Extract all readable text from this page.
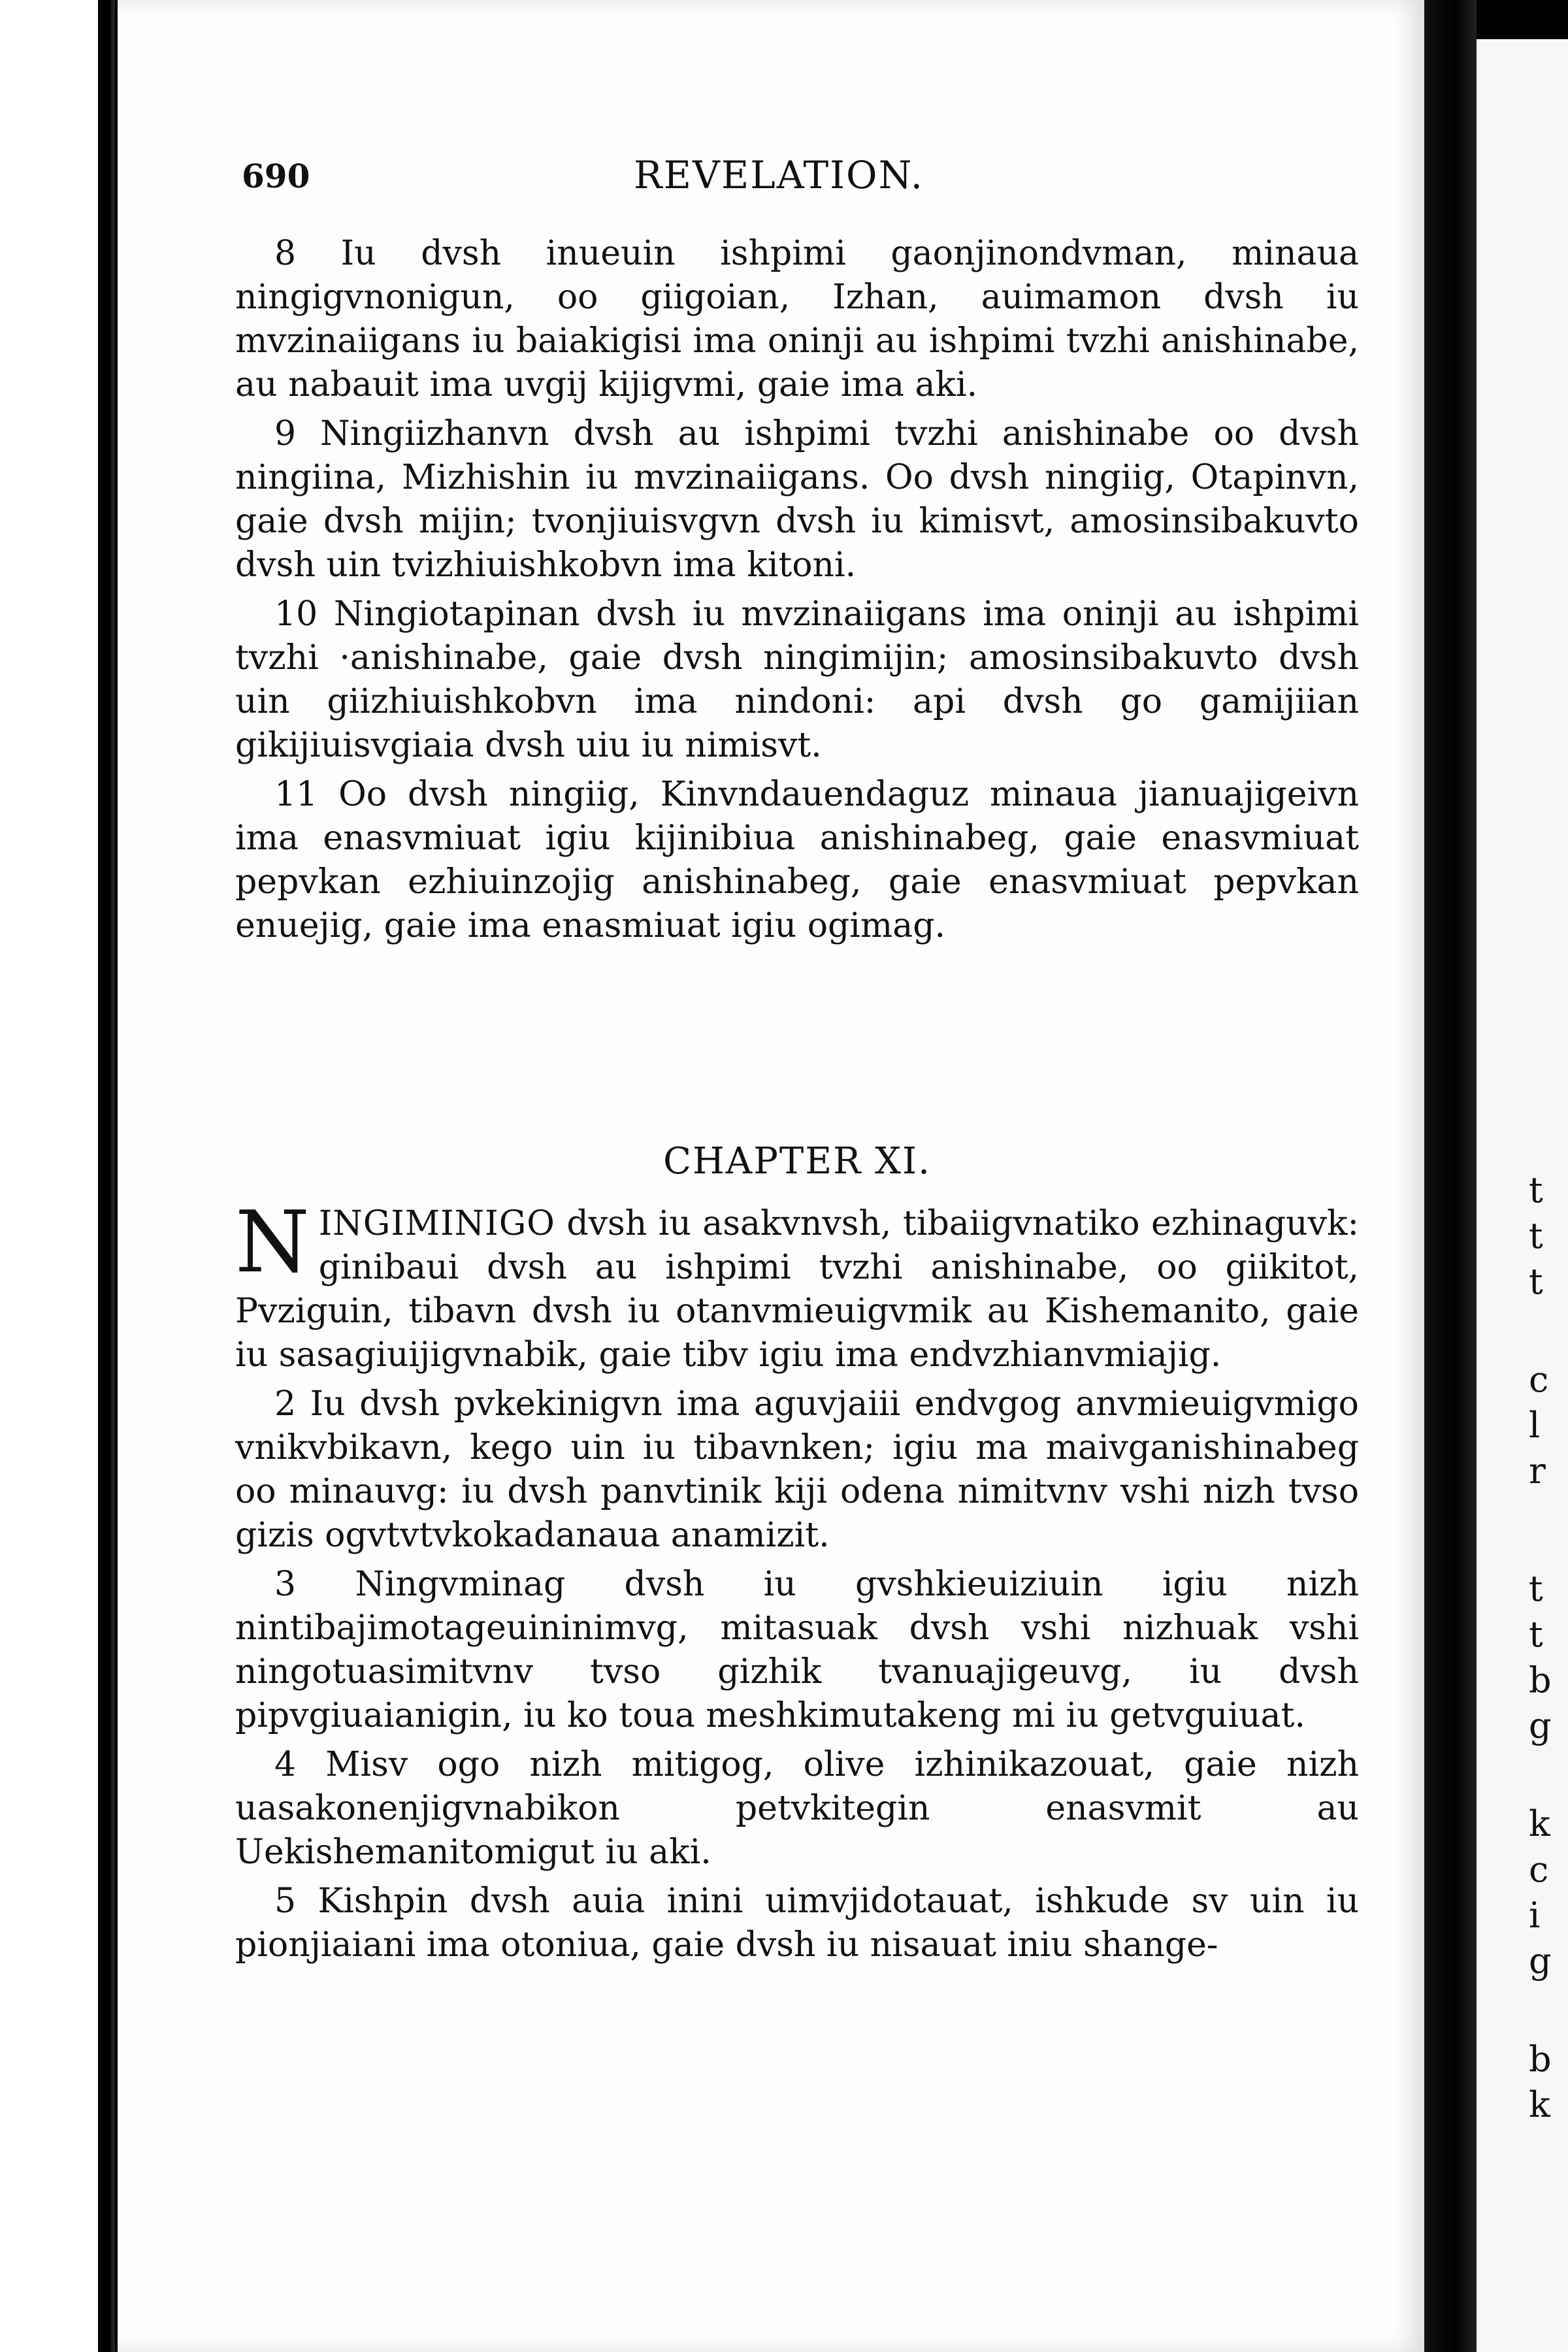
690	REVELATION.

8 Iu dvsh inueuin ishpimi gaonjinondvman, minaua ningigvnonigun, oo giigoian, Izhan, auimamon dvsh iu mvzinaiigans iu baiakigisi ima oninji au ishpimi tvzhi anishinabe, au nabauit ima uvgij kijigvmi, gaie ima aki.

9 Ningiizhanvn dvsh au ishpimi tvzhi anishinabe oo dvsh ningiina, Mizhishin iu mvzinaiigans. Oo dvsh ningiig, Otapinvn, gaie dvsh mijin; tvonjiuisvgvn dvsh iu kimisvt, amosinsibakuvto dvsh uin tvizhiuishkobvn ima kitoni.

10 Ningiotapinan dvsh iu mvzinaiigans ima oninji au ishpimi tvzhi ·anishinabe, gaie dvsh ningimijin; amosinsibakuvto dvsh uin giizhiuishkobvn ima nindoni: api dvsh go gamijiian gikijiuisvgiaia dvsh uiu iu nimisvt.

11 Oo dvsh ningiig, Kinvndauendaguz minaua jianuajigeivn ima enasvmiuat igiu kijinibiua anishinabeg, gaie enasvmiuat pepvkan ezhiuinzojig anishinabeg, gaie enasvmiuat pepvkan enuejig, gaie ima enasmiuat igiu ogimag.

CHAPTER XI.

NINGIMINIGO dvsh iu asakvnvsh, tibaiigvnatiko ezhinaguvk: ginibaui dvsh au ishpimi tvzhi anishinabe, oo giikitot, Pvziguin, tibavn dvsh iu otanvmieuigvmik au Kishemanito, gaie iu sasagiuijigvnabik, gaie tibv igiu ima endvzhianvmiajig.

2 Iu dvsh pvkekinigvn ima aguvjaiii endvgog anvmieuigvmigo vnikvbikavn, kego uin iu tibavnken; igiu ma maivganishinabeg oo minauvg: iu dvsh panvtinik kiji odena nimitvnv vshi nizh tvso gizis ogvtvtvkokadanaua anamizit.

3 Ningvminag dvsh iu gvshkieuiziuin igiu nizh nintibajimotageuininimvg, mitasuak dvsh vshi nizhuak vshi ningotuasimitvnv tvso gizhik tvanuajigeuvg, iu dvsh pipvgiuaianigin, iu ko toua meshkimutakeng mi iu getvguiuat.

4 Misv ogo nizh mitigog, olive izhinikazouat, gaie nizh uasakonenjigvnabikon petvkitegin enasvmit au Uekishemanitomigut iu aki.

5 Kishpin dvsh auia inini uimvjidotauat, ishkude sv uin iu pionjiaiani ima otoniua, gaie dvsh iu nisauat iniu shange-

t
t
t
c
l
r
t
t
b
g
k
c
i
g
b
k
